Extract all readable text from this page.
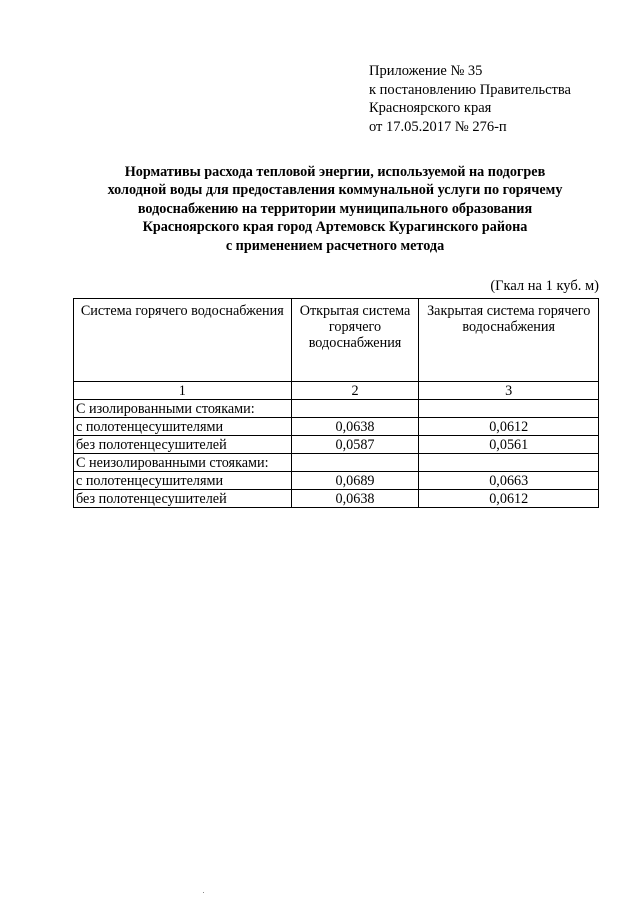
Приложение № 35
к постановлению Правительства
Красноярского края
от 17.05.2017 № 276-п
Нормативы расхода тепловой энергии, используемой на подогрев
холодной воды для предоставления коммунальной услуги по горячему
водоснабжению на территории муниципального образования
Красноярского края город Артемовск Курагинского района
с применением расчетного метода
(Гкал на 1 куб. м)
Система горячего водоснабжения	Открытая система горячего водоснабжения	Закрытая система горячего водоснабжения
1	2	3
С изолированными стояками:		
с полотенцесушителями	0,0638	0,0612
без полотенцесушителей	0,0587	0,0561
С неизолированными стояками:		
с полотенцесушителями	0,0689	0,0663
без полотенцесушителей	0,0638	0,0612
